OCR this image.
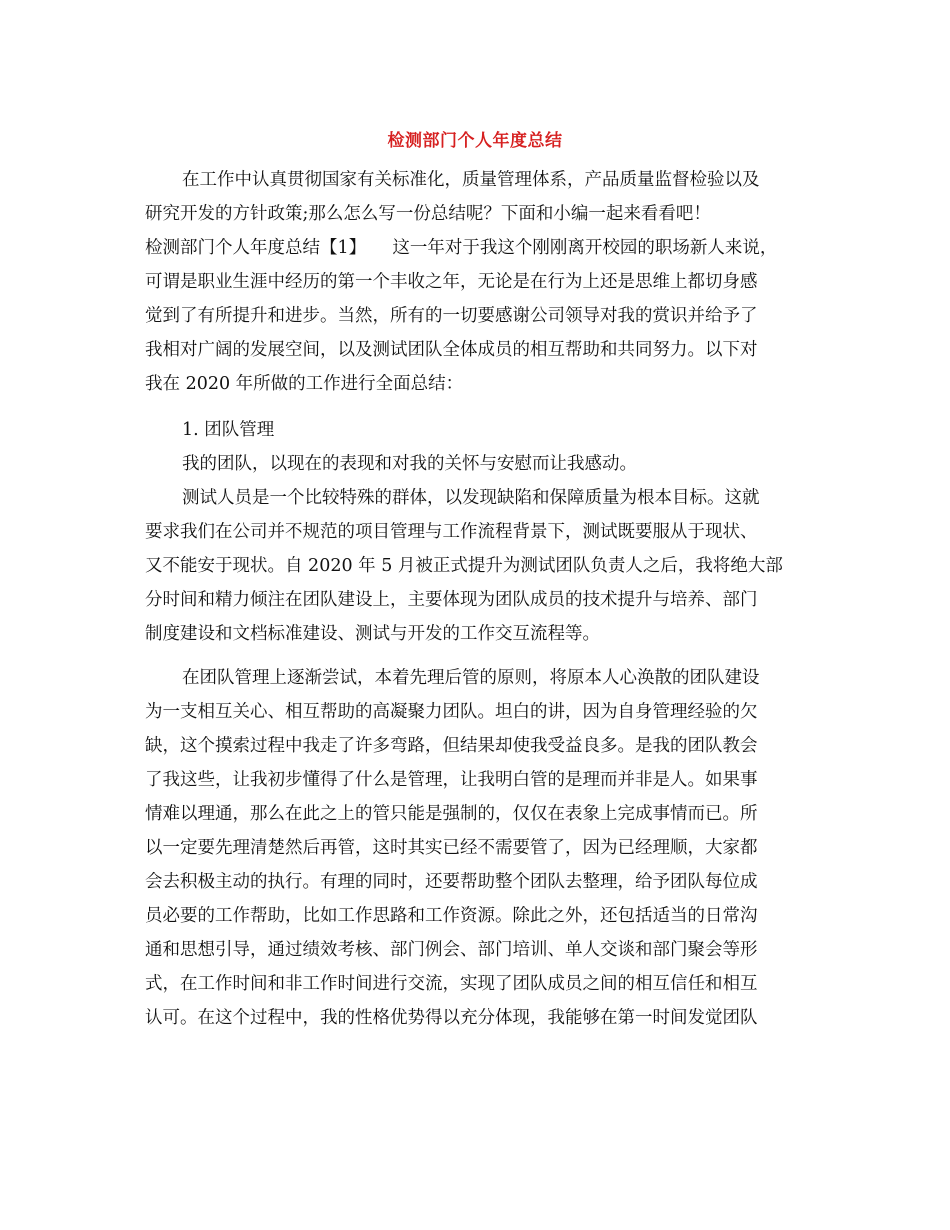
检测部门个人年度总结
在工作中认真贯彻国家有关标准化，质量管理体系，产品质量监督检验以及
研究开发的方针政策;那么怎么写一份总结呢？下面和小编一起来看看吧！
检测部门个人年度总结【1】　　这一年对于我这个刚刚离开校园的职场新人来说，
可谓是职业生涯中经历的第一个丰收之年，无论是在行为上还是思维上都切身感
觉到了有所提升和进步。当然，所有的一切要感谢公司领导对我的赏识并给予了
我相对广阔的发展空间，以及测试团队全体成员的相互帮助和共同努力。以下对
我在 2020 年所做的工作进行全面总结：
1. 团队管理
我的团队，以现在的表现和对我的关怀与安慰而让我感动。
测试人员是一个比较特殊的群体，以发现缺陷和保障质量为根本目标。这就
要求我们在公司并不规范的项目管理与工作流程背景下，测试既要服从于现状、
又不能安于现状。自 2020 年 5 月被正式提升为测试团队负责人之后，我将绝大部
分时间和精力倾注在团队建设上，主要体现为团队成员的技术提升与培养、部门
制度建设和文档标准建设、测试与开发的工作交互流程等。
在团队管理上逐渐尝试，本着先理后管的原则，将原本人心涣散的团队建设
为一支相互关心、相互帮助的高凝聚力团队。坦白的讲，因为自身管理经验的欠
缺，这个摸索过程中我走了许多弯路，但结果却使我受益良多。是我的团队教会
了我这些，让我初步懂得了什么是管理，让我明白管的是理而并非是人。如果事
情难以理通，那么在此之上的管只能是强制的，仅仅在表象上完成事情而已。所
以一定要先理清楚然后再管，这时其实已经不需要管了，因为已经理顺，大家都
会去积极主动的执行。有理的同时，还要帮助整个团队去整理，给予团队每位成
员必要的工作帮助，比如工作思路和工作资源。除此之外，还包括适当的日常沟
通和思想引导，通过绩效考核、部门例会、部门培训、单人交谈和部门聚会等形
式，在工作时间和非工作时间进行交流，实现了团队成员之间的相互信任和相互
认可。在这个过程中，我的性格优势得以充分体现，我能够在第一时间发觉团队
